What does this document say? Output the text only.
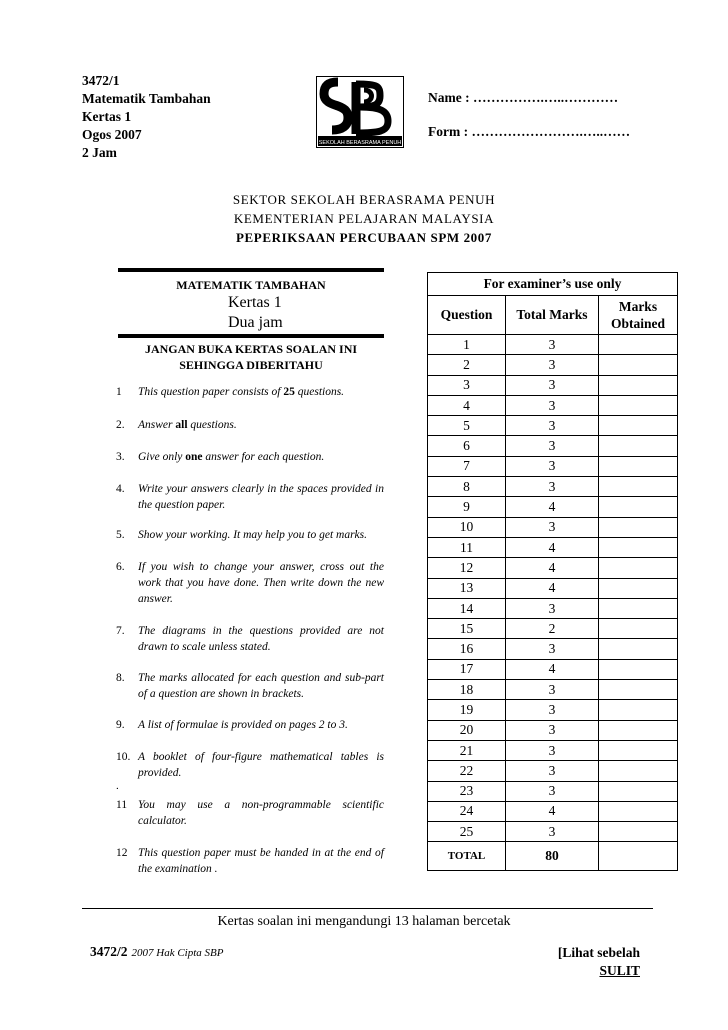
3472/1
Matematik Tambahan
Kertas 1
Ogos 2007
2 Jam
SEKOLAH BERASRAMA PENUH
Name : …………….…..…………
Form : …………………….…..……
SEKTOR SEKOLAH BERASRAMA PENUH
KEMENTERIAN PELAJARAN MALAYSIA
PEPERIKSAAN PERCUBAAN SPM 2007
MATEMATIK TAMBAHAN
Kertas 1
Dua jam
JANGAN BUKA KERTAS SOALAN INI
SEHINGGA DIBERITAHU
1 This question paper consists of 25 questions.
2. Answer all questions.
3. Give only one answer for each question.
4. Write your answers clearly in the spaces provided in the question paper.
5. Show your working. It may help you to get marks.
6. If you wish to change your answer, cross out the work that you have done. Then write down the new answer.
7. The diagrams in the questions provided are not drawn to scale unless stated.
8. The marks allocated for each question and sub-part of a question are shown in brackets.
9. A list of formulae is provided on pages 2 to 3.
10. A booklet of four-figure mathematical tables is provided.
.
11 You may use a non-programmable scientific calculator.
12 This question paper must be handed in at the end of the examination .
For examiner’s use only		
Question	Total Marks	Marks
Obtained
1	3	
2	3	
3	3	
4	3	
5	3	
6	3	
7	3	
8	3	
9	4	
10	3	
11	4	
12	4	
13	4	
14	3	
15	2	
16	3	
17	4	
18	3	
19	3	
20	3	
21	3	
22	3	
23	3	
24	4	
25	3	
TOTAL	80	
Kertas soalan ini mengandungi 13 halaman bercetak
3472/2 2007 Hak Cipta SBP	[Lihat sebelah
SULIT
